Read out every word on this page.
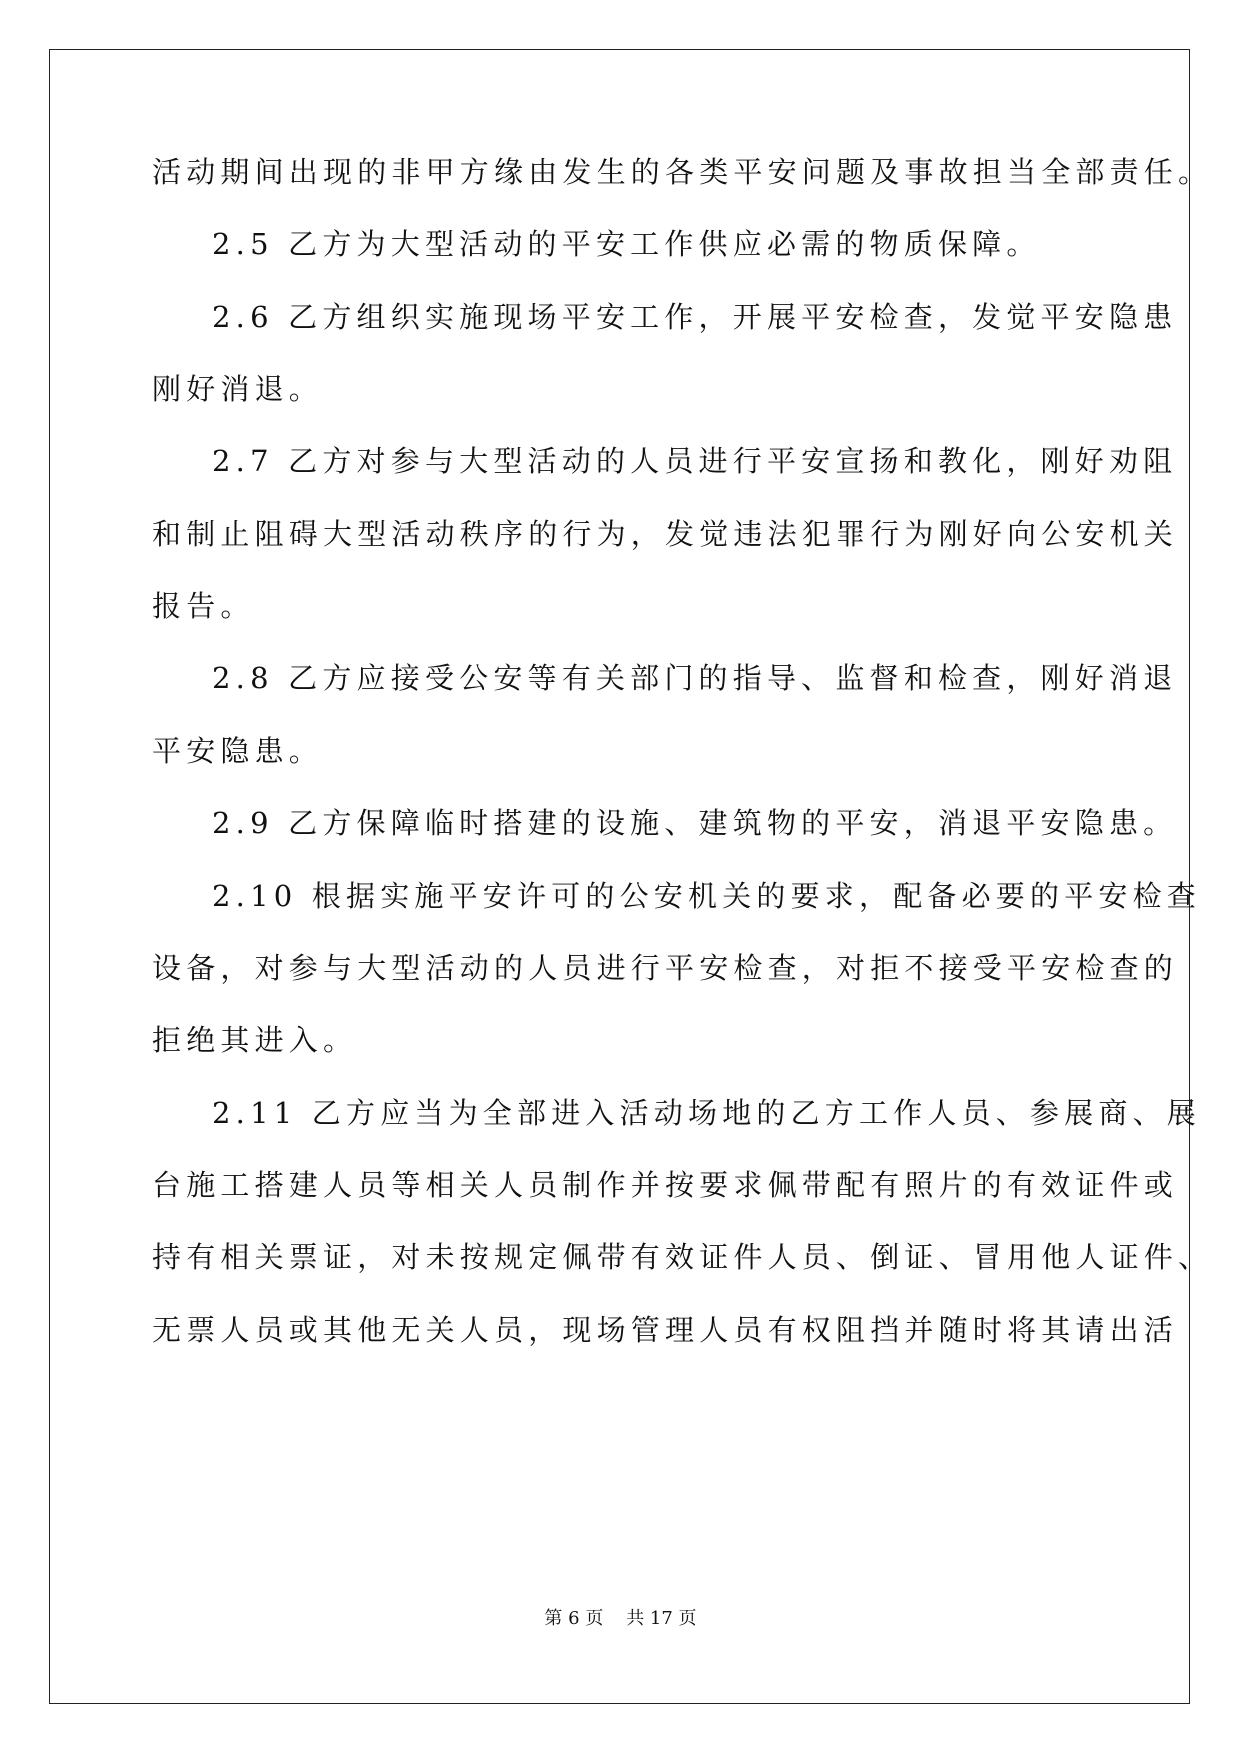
活动期间出现的非甲方缘由发生的各类平安问题及事故担当全部责任。
2.5 乙方为大型活动的平安工作供应必需的物质保障。
2.6 乙方组织实施现场平安工作，开展平安检查，发觉平安隐患
刚好消退。
2.7 乙方对参与大型活动的人员进行平安宣扬和教化，刚好劝阻
和制止阻碍大型活动秩序的行为，发觉违法犯罪行为刚好向公安机关
报告。
2.8 乙方应接受公安等有关部门的指导、监督和检查，刚好消退
平安隐患。
2.9 乙方保障临时搭建的设施、建筑物的平安，消退平安隐患。
2.10 根据实施平安许可的公安机关的要求，配备必要的平安检查
设备，对参与大型活动的人员进行平安检查，对拒不接受平安检查的
拒绝其进入。
2.11 乙方应当为全部进入活动场地的乙方工作人员、参展商、展
台施工搭建人员等相关人员制作并按要求佩带配有照片的有效证件或
持有相关票证，对未按规定佩带有效证件人员、倒证、冒用他人证件、
无票人员或其他无关人员，现场管理人员有权阻挡并随时将其请出活
第 6 页    共 17 页
